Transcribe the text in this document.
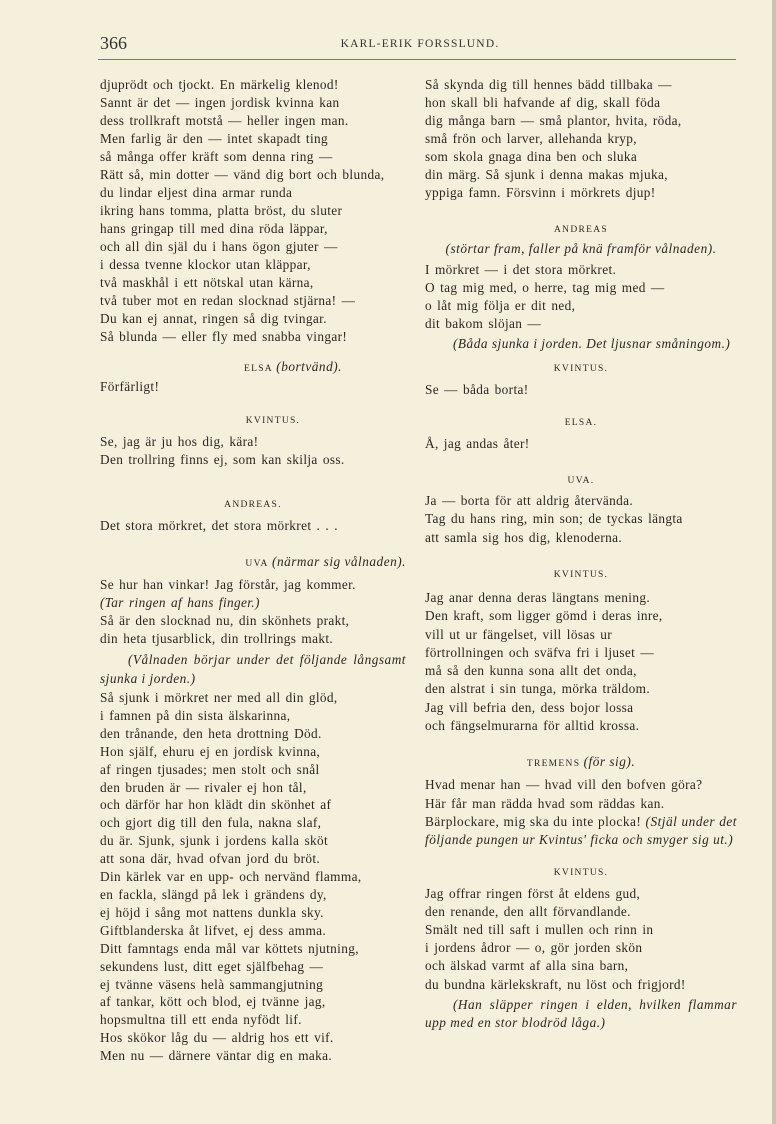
366	KARL-ERIK FORSSLUND.
djuprödt och tjockt. En märkelig klenod!
Sannt är det — ingen jordisk kvinna kan
dess trollkraft motstå — heller ingen man.
Men farlig är den — intet skapadt ting
så många offer kräft som denna ring —
Rätt så, min dotter — vänd dig bort och blunda,
du lindar eljest dina armar runda
ikring hans tomma, platta bröst, du sluter
hans gringap till med dina röda läppar,
och all din själ du i hans ögon gjuter —
i dessa tvenne klockor utan kläppar,
två maskhål i ett nötskal utan kärna,
två tuber mot en redan slocknad stjärna! —
Du kan ej annat, ringen så dig tvingar.
Så blunda — eller fly med snabba vingar!
ELSA (bortvänd).
Förfärligt!
KVINTUS.
Se, jag är ju hos dig, kära!
Den trollring finns ej, som kan skilja oss.
ANDREAS.
Det stora mörkret, det stora mörkret . . .
UVA (närmar sig vålnaden).
Se hur han vinkar! Jag förstår, jag kommer.
(Tar ringen af hans finger.)
Så är den slocknad nu, din skönhets prakt,
din heta tjusarblick, din trollrings makt.
(Vålnaden börjar under det följande långsamt sjunka i jorden.)
Så sjunk i mörkret ner med all din glöd,
i famnen på din sista älskarinna,
den trånande, den heta drottning Död.
Hon själf, ehuru ej en jordisk kvinna,
af ringen tjusades; men stolt och snål
den bruden är — rivaler ej hon tål,
och därför har hon klädt din skönhet af
och gjort dig till den fula, nakna slaf,
du är. Sjunk, sjunk i jordens kalla sköt
att sona där, hvad ofvan jord du bröt.
Din kärlek var en upp- och nervänd flamma,
en fackla, slängd på lek i grändens dy,
ej höjd i sång mot nattens dunkla sky.
Giftblanderska åt lifvet, ej dess amma.
Ditt famntags enda mål var köttets njutning,
sekundens lust, ditt eget själfbehag —
ej tvänne väsens helà sammangjutning
af tankar, kött och blod, ej tvänne jag,
hopsmultna till ett enda nyfödt lif.
Hos skökor låg du — aldrig hos ett vif.
Men nu — därnere väntar dig en maka.
Så skynda dig till hennes bädd tillbaka —
hon skall bli hafvande af dig, skall föda
dig många barn — små plantor, hvita, röda,
små frön och larver, allehanda kryp,
som skola gnaga dina ben och sluka
din märg. Så sjunk i denna makas mjuka,
yppiga famn. Försvinn i mörkrets djup!
ANDREAS
(störtar fram, faller på knä framför vålnaden).
I mörkret — i det stora mörkret.
O tag mig med, o herre, tag mig med —
o låt mig följa er dit ned,
dit bakom slöjan —
(Båda sjunka i jorden. Det ljusnar småningom.)
KVINTUS.
Se — båda borta!
ELSA.
Å, jag andas åter!
UVA.
Ja — borta för att aldrig återvända.
Tag du hans ring, min son; de tyckas längta
att samla sig hos dig, klenoderna.
KVINTUS.
Jag anar denna deras längtans mening.
Den kraft, som ligger gömd i deras inre,
vill ut ur fängelset, vill lösas ur
förtrollningen och sväfva fri i ljuset —
må så den kunna sona allt det onda,
den alstrat i sin tunga, mörka träldom.
Jag vill befria den, dess bojor lossa
och fängselmurarna för alltid krossa.
TREMENS (för sig).
Hvad menar han — hvad vill den bofven göra?
Här får man rädda hvad som räddas kan.
Bärplockare, mig ska du inte plocka! (Stjäl under det följande pungen ur Kvintus' ficka och smyger sig ut.)
KVINTUS.
Jag offrar ringen först åt eldens gud,
den renande, den allt förvandlande.
Smält ned till saft i mullen och rinn in
i jordens ådror — o, gör jorden skön
och älskad varmt af alla sina barn,
du bundna kärlekskraft, nu löst och frigjord!
(Han släpper ringen i elden, hvilken flammar upp med en stor blodröd låga.)
